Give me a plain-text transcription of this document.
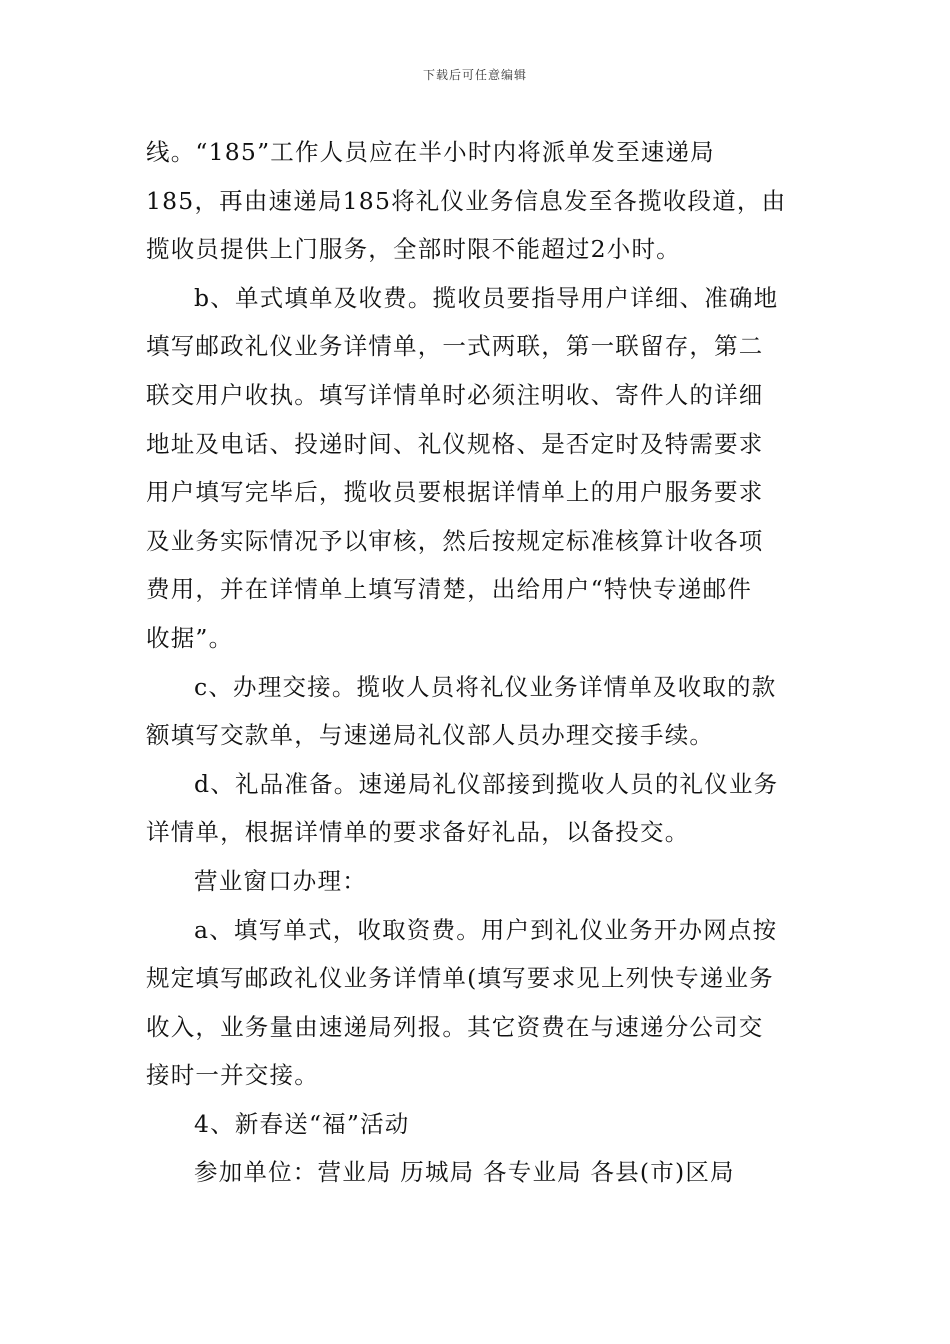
下载后可任意编辑
线。“185”工作人员应在半小时内将派单发至速递局
185，再由速递局185将礼仪业务信息发至各揽收段道，由
揽收员提供上门服务，全部时限不能超过2小时。
b、单式填单及收费。揽收员要指导用户详细、准确地
填写邮政礼仪业务详情单，一式两联，第一联留存，第二
联交用户收执。填写详情单时必须注明收、寄件人的详细
地址及电话、投递时间、礼仪规格、是否定时及特需要求
用户填写完毕后，揽收员要根据详情单上的用户服务要求
及业务实际情况予以审核，然后按规定标准核算计收各项
费用，并在详情单上填写清楚，出给用户“特快专递邮件
收据”。
c、办理交接。揽收人员将礼仪业务详情单及收取的款
额填写交款单，与速递局礼仪部人员办理交接手续。
d、礼品准备。速递局礼仪部接到揽收人员的礼仪业务
详情单，根据详情单的要求备好礼品，以备投交。
营业窗口办理：
a、填写单式，收取资费。用户到礼仪业务开办网点按
规定填写邮政礼仪业务详情单(填写要求见上列快专递业务
收入，业务量由速递局列报。其它资费在与速递分公司交
接时一并交接。
4、新春送“福”活动
参加单位：营业局 历城局 各专业局 各县(市)区局
